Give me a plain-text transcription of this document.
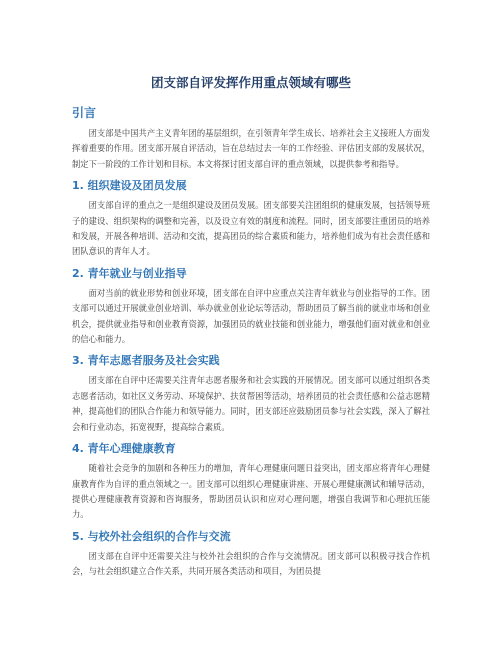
团支部自评发挥作用重点领域有哪些
引言

团支部是中国共产主义青年团的基层组织，在引领青年学生成长、培养社会主义接班人方面发挥着重要的作用。团支部开展自评活动，旨在总结过去一年的工作经验、评估团支部的发展状况，制定下一阶段的工作计划和目标。本文将探讨团支部自评的重点领域，以提供参考和指导。

1. 组织建设及团员发展

团支部自评的重点之一是组织建设及团员发展。团支部要关注团组织的健康发展，包括领导班子的建设、组织架构的调整和完善，以及设立有效的制度和流程。同时，团支部要注重团员的培养和发展，开展各种培训、活动和交流，提高团员的综合素质和能力，培养他们成为有社会责任感和团队意识的青年人才。

2. 青年就业与创业指导

面对当前的就业形势和创业环境，团支部在自评中应重点关注青年就业与创业指导的工作。团支部可以通过开展就业创业培训、举办就业创业论坛等活动，帮助团员了解当前的就业市场和创业机会，提供就业指导和创业教育资源，加强团员的就业技能和创业能力，增强他们面对就业和创业的信心和能力。

3. 青年志愿者服务及社会实践

团支部在自评中还需要关注青年志愿者服务和社会实践的开展情况。团支部可以通过组织各类志愿者活动，如社区义务劳动、环境保护、扶贫帮困等活动，培养团员的社会责任感和公益志愿精神，提高他们的团队合作能力和领导能力。同时，团支部还应鼓励团员参与社会实践，深入了解社会和行业动态，拓宽视野，提高综合素质。

4. 青年心理健康教育

随着社会竞争的加剧和各种压力的增加，青年心理健康问题日益突出，团支部应将青年心理健康教育作为自评的重点领域之一。团支部可以组织心理健康讲座、开展心理健康测试和辅导活动，提供心理健康教育资源和咨询服务，帮助团员认识和应对心理问题，增强自我调节和心理抗压能力。

5. 与校外社会组织的合作与交流

团支部在自评中还需要关注与校外社会组织的合作与交流情况。团支部可以积极寻找合作机会，与社会组织建立合作关系，共同开展各类活动和项目，为团员提
